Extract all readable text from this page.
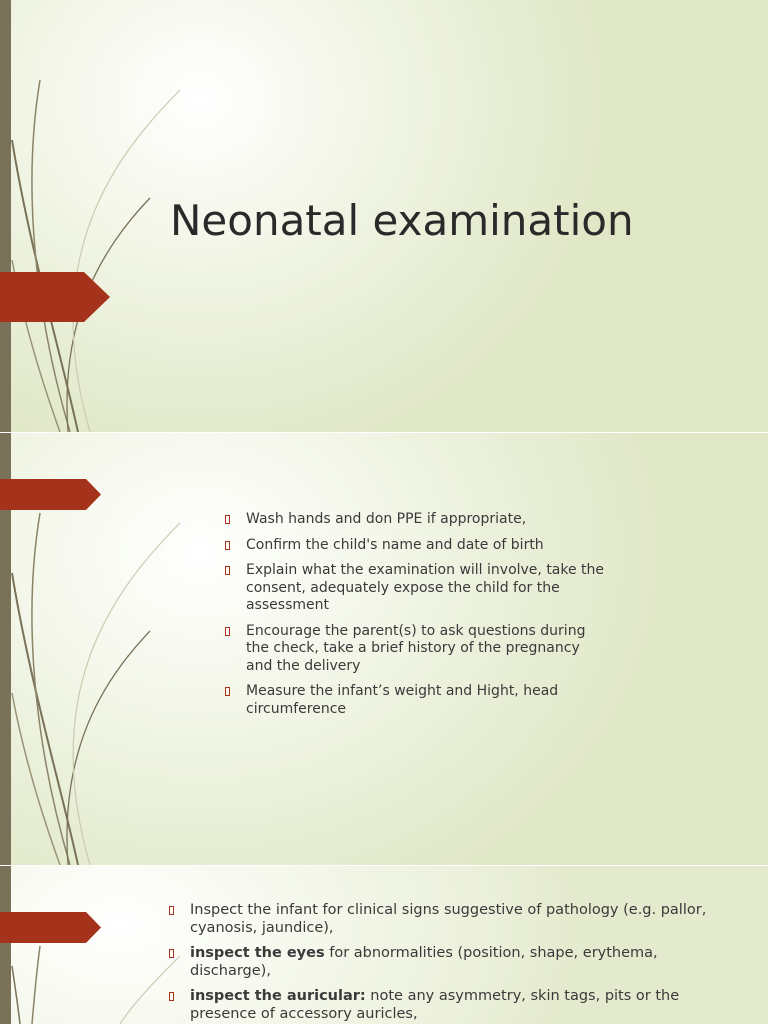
Neonatal examination
Wash hands and don PPE if appropriate,
Confirm the child's name and date of birth
Explain what the examination will involve, take the consent, adequately expose the child for the assessment
Encourage the parent(s) to ask questions during the check, take a brief history of the pregnancy and the delivery
Measure the infant’s weight and Hight, head circumference
Inspect the infant for clinical signs suggestive of pathology (e.g. pallor, cyanosis, jaundice),
inspect the eyes for abnormalities (position, shape, erythema, discharge),
inspect the auricular: note any asymmetry, skin tags, pits or the presence of accessory auricles,
